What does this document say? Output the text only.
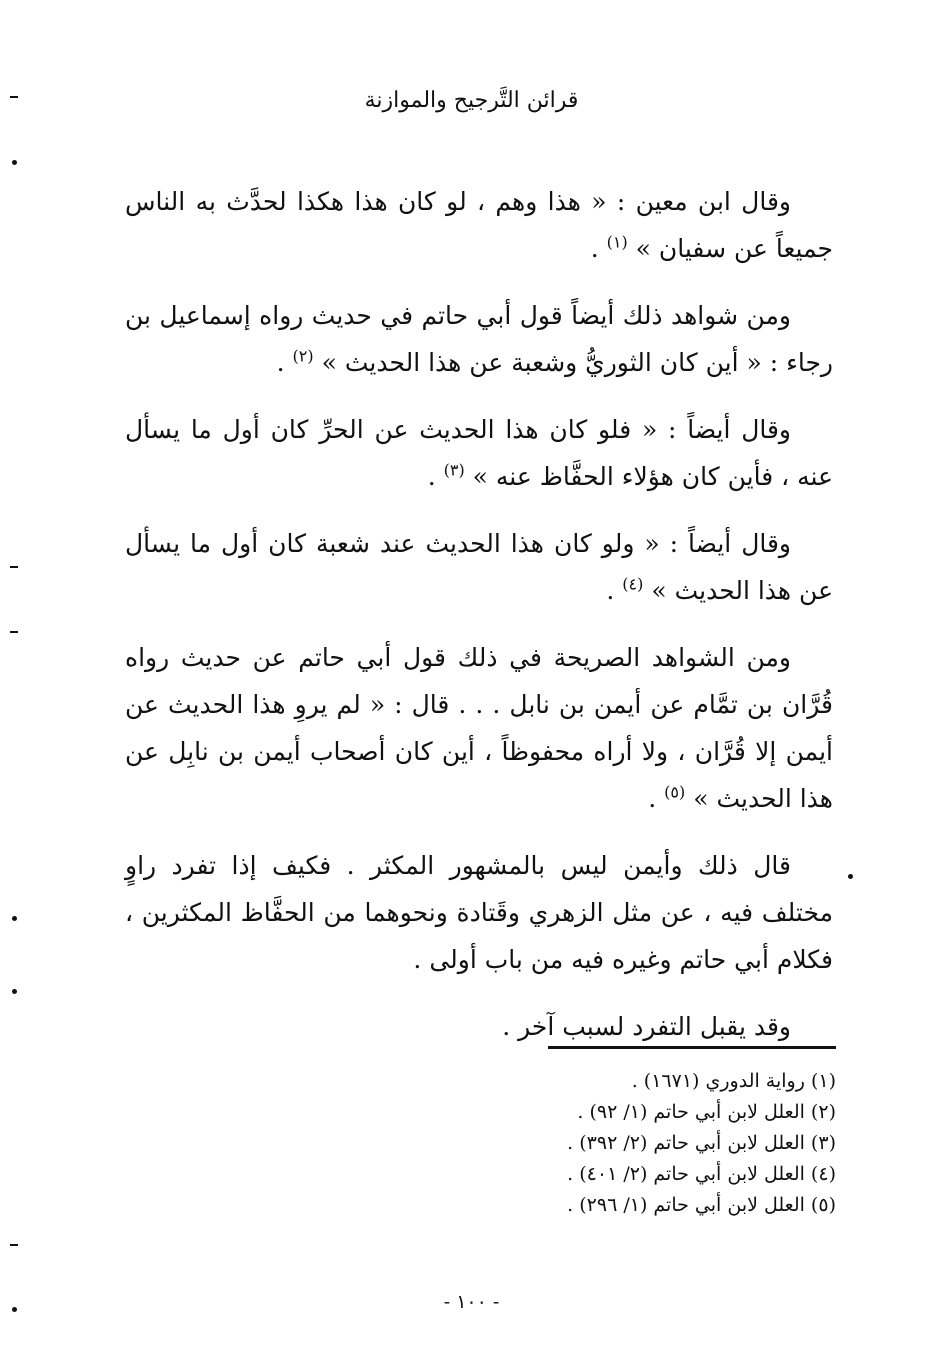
قرائن التَّرجيح والموازنة

وقال ابن معين : « هذا وهم ، لو كان هذا هكذا لحدَّث به الناس جميعاً عن سفيان » $^{(١)}$ .

ومن شواهد ذلك أيضاً قول أبي حاتم في حديث رواه إسماعيل بن رجاء : « أين كان الثوريُّ وشعبة عن هذا الحديث » $^{(٢)}$ .

وقال أيضاً : « فلو كان هذا الحديث عن الحرِّ كان أول ما يسأل عنه ، فأين كان هؤلاء الحفَّاظ عنه » $^{(٣)}$ .

وقال أيضاً : « ولو كان هذا الحديث عند شعبة كان أول ما يسأل عن هذا الحديث » $^{(٤)}$ .

ومن الشواهد الصريحة في ذلك قول أبي حاتم عن حديث رواه قُرَّان بن تمَّام عن أيمن بن نابل . . . قال : « لم يروِ هذا الحديث عن أيمن إلا قُرَّان ، ولا أراه محفوظاً ، أين كان أصحاب أيمن بن نابِل عن هذا الحديث » $^{(٥)}$ .

قال ذلك وأيمن ليس بالمشهور المكثر . فكيف إذا تفرد راوٍ مختلف فيه ، عن مثل الزهري وقَتادة ونحوهما من الحفَّاظ المكثرين ، فكلام أبي حاتم وغيره فيه من باب أولى .

وقد يقبل التفرد لسبب آخر .

(١) رواية الدوري (١٦٧١) .

(٢) العلل لابن أبي حاتم (١/ ٩٢) .

(٣) العلل لابن أبي حاتم (٢/ ٣٩٢) .

(٤) العلل لابن أبي حاتم (٢/ ٤٠١) .

(٥) العلل لابن أبي حاتم (١/ ٢٩٦) .

- ١٠٠ -
